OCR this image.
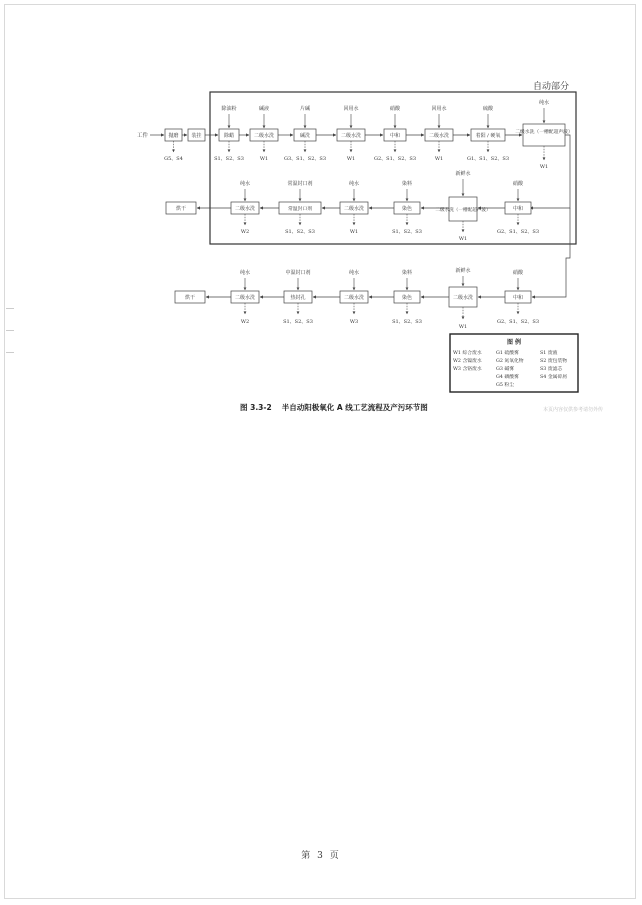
自动部分
工件	抛磨	装挂	除蜡	二级水洗	碱洗	二级水洗	中和	二级水洗	着阳 / 硬氧
二级水洗（一槽配超声波）
除油粉	碱液	片碱	回用水	硝酸	回用水	硫酸
纯水
G5、S4	S1、S2、S3	W1	G3、S1、S2、S3	W1	G2、S1、S2、S3	W1	G1、S1、S2、S3
W1
烘干	二级水洗	常温封口剂	二级水洗	染色	二级水洗（一槽配超声波）	中和
纯水	常温封口剂	纯水	染料
新鲜水
硝酸
W2	S1、S2、S3	W1	S1、S2、S3
W1
G2、S1、S2、S3
烘干	二级水洗	热封孔	二级水洗	染色	二级水洗	中和
纯水	中温封口剂	纯水	染料	新鲜水	硝酸
W2	S1、S2、S3	W3	S1、S2、S3
W1
G2、S1、S2、S3
图 例
W1 综合废水
W2 含镍废水
W3 含铬废水
G1 硫酸雾
G2 氮氧化物
G3 碱雾
G4 磷酸雾
G5 粉尘
S1 废液
S2 废包装物
S3 废滤芯
S4 金属碎屑
图 3.3-2 半自动阳极氧化 A 线工艺流程及产污环节图	本页内容仅供参考请勿外传
第 3 页
